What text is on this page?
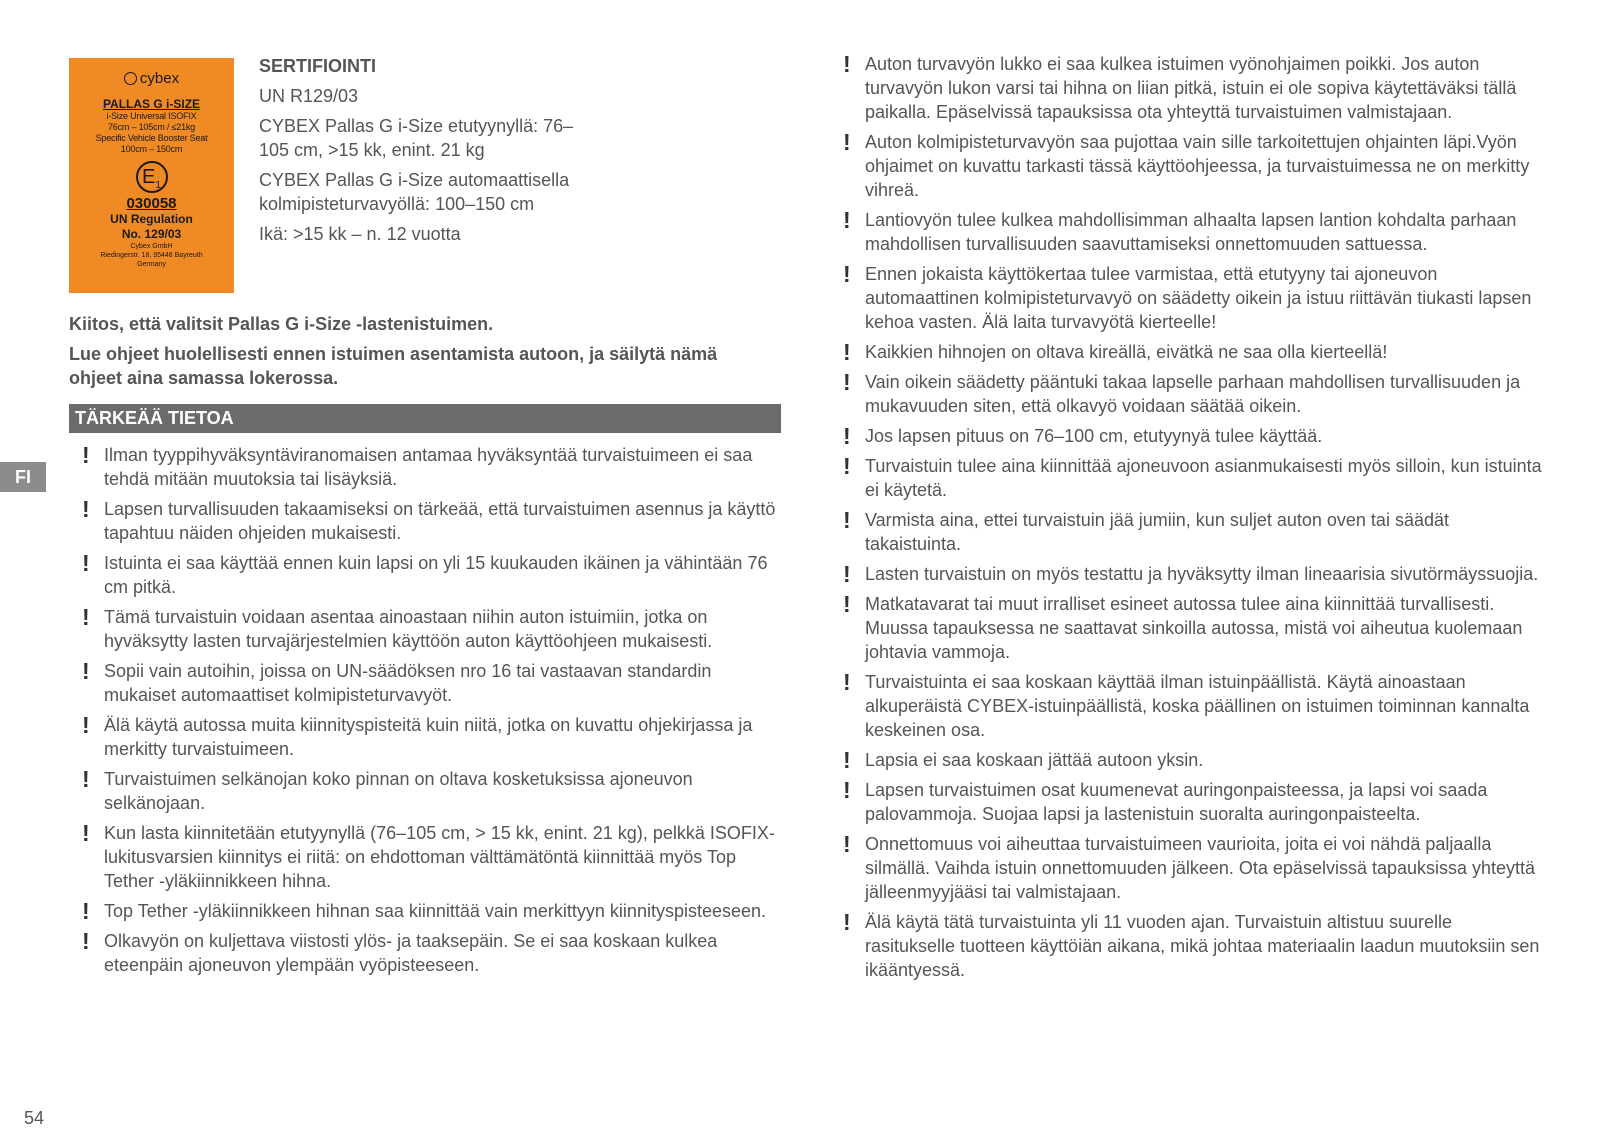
cybex
PALLAS G i-SIZE
i-Size Universal ISOFIX
76cm – 105cm / ≤21kg
Specific Vehicle Booster Seat
100cm – 150cm
$E_1$
030058
UN Regulation
No. 129/03
Cybex GmbH
Riedingerstr. 18, 95448 Bayreuth
Germany
SERTIFIOINTI
UN R129/03
CYBEX Pallas G i-Size etutyynyllä: 76–105 cm, >15 kk, enint. 21 kg
CYBEX Pallas G i-Size automaattisella kolmipisteturvavyöllä: 100–150 cm
Ikä: >15 kk – n. 12 vuotta

Kiitos, että valitsit Pallas G i-Size -lastenistuimen.

Lue ohjeet huolellisesti ennen istuimen asentamista autoon, ja säilytä nämä ohjeet aina samassa lokerossa.

TÄRKEÄÄ TIETOA
FI
! Ilman tyyppihyväksyntäviranomaisen antamaa hyväksyntää turvaistuimeen ei saa tehdä mitään muutoksia tai lisäyksiä.
! Lapsen turvallisuuden takaamiseksi on tärkeää, että turvaistuimen asennus ja käyttö tapahtuu näiden ohjeiden mukaisesti.
! Istuinta ei saa käyttää ennen kuin lapsi on yli 15 kuukauden ikäinen ja vähintään 76 cm pitkä.
! Tämä turvaistuin voidaan asentaa ainoastaan niihin auton istuimiin, jotka on hyväksytty lasten turvajärjestelmien käyttöön auton käyttöohjeen mukaisesti.
! Sopii vain autoihin, joissa on UN-säädöksen nro 16 tai vastaavan standardin mukaiset automaattiset kolmipisteturvavyöt.
! Älä käytä autossa muita kiinnityspisteitä kuin niitä, jotka on kuvattu ohjekirjassa ja merkitty turvaistuimeen.
! Turvaistuimen selkänojan koko pinnan on oltava kosketuksissa ajoneuvon selkänojaan.
! Kun lasta kiinnitetään etutyynyllä (76–105 cm, > 15 kk, enint. 21 kg), pelkkä ISOFIX-lukitusvarsien kiinnitys ei riitä: on ehdottoman välttämätöntä kiinnittää myös Top Tether -yläkiinnikkeen hihna.
! Top Tether -yläkiinnikkeen hihnan saa kiinnittää vain merkittyyn kiinnityspisteeseen.
! Olkavyön on kuljettava viistosti ylös- ja taaksepäin. Se ei saa koskaan kulkea eteenpäin ajoneuvon ylempään vyöpisteeseen.
! Auton turvavyön lukko ei saa kulkea istuimen vyönohjaimen poikki. Jos auton turvavyön lukon varsi tai hihna on liian pitkä, istuin ei ole sopiva käytettäväksi tällä paikalla. Epäselvissä tapauksissa ota yhteyttä turvaistuimen valmistajaan.
! Auton kolmipisteturvavyön saa pujottaa vain sille tarkoitettujen ohjainten läpi.Vyön ohjaimet on kuvattu tarkasti tässä käyttöohjeessa, ja turvaistuimessa ne on merkitty vihreä.
! Lantiovyön tulee kulkea mahdollisimman alhaalta lapsen lantion kohdalta parhaan mahdollisen turvallisuuden saavuttamiseksi onnettomuuden sattuessa.
! Ennen jokaista käyttökertaa tulee varmistaa, että etutyyny tai ajoneuvon automaattinen kolmipisteturvavyö on säädetty oikein ja istuu riittävän tiukasti lapsen kehoa vasten. Älä laita turvavyötä kierteelle!
! Kaikkien hihnojen on oltava kireällä, eivätkä ne saa olla kierteellä!
! Vain oikein säädetty pääntuki takaa lapselle parhaan mahdollisen turvallisuuden ja mukavuuden siten, että olkavyö voidaan säätää oikein.
! Jos lapsen pituus on 76–100 cm, etutyynyä tulee käyttää.
! Turvaistuin tulee aina kiinnittää ajoneuvoon asianmukaisesti myös silloin, kun istuinta ei käytetä.
! Varmista aina, ettei turvaistuin jää jumiin, kun suljet auton oven tai säädät takaistuinta.
! Lasten turvaistuin on myös testattu ja hyväksytty ilman lineaarisia sivutörmäyssuojia.
! Matkatavarat tai muut irralliset esineet autossa tulee aina kiinnittää turvallisesti. Muussa tapauksessa ne saattavat sinkoilla autossa, mistä voi aiheutua kuolemaan johtavia vammoja.
! Turvaistuinta ei saa koskaan käyttää ilman istuinpäällistä. Käytä ainoastaan alkuperäistä CYBEX-istuinpäällistä, koska päällinen on istuimen toiminnan kannalta keskeinen osa.
! Lapsia ei saa koskaan jättää autoon yksin.
! Lapsen turvaistuimen osat kuumenevat auringonpaisteessa, ja lapsi voi saada palovammoja. Suojaa lapsi ja lastenistuin suoralta auringonpaisteelta.
! Onnettomuus voi aiheuttaa turvaistuimeen vaurioita, joita ei voi nähdä paljaalla silmällä. Vaihda istuin onnettomuuden jälkeen. Ota epäselvissä tapauksissa yhteyttä jälleenmyyjääsi tai valmistajaan.
! Älä käytä tätä turvaistuinta yli 11 vuoden ajan. Turvaistuin altistuu suurelle rasitukselle tuotteen käyttöiän aikana, mikä johtaa materiaalin laadun muutoksiin sen ikääntyessä.
54
